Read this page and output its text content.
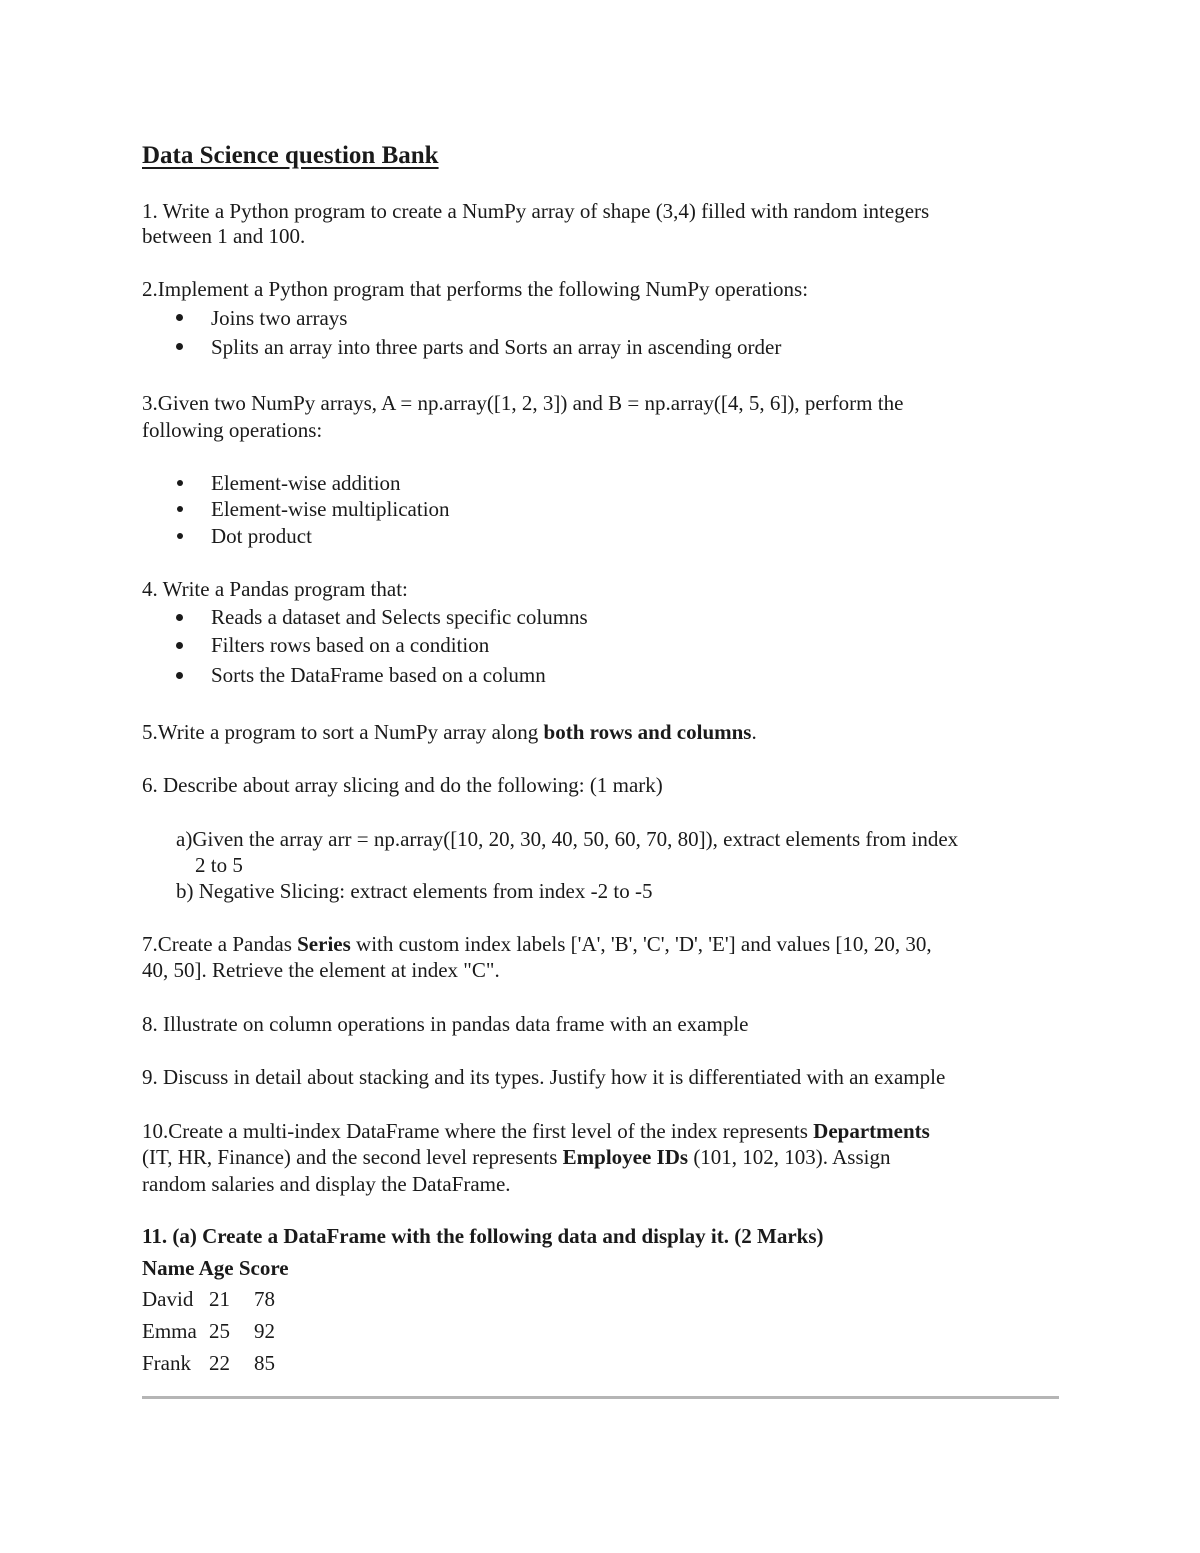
Data Science question Bank
1. Write a Python program to create a NumPy array of shape (3,4) filled with random integers
between 1 and 100.
2.Implement a Python program that performs the following NumPy operations:
Joins two arrays
Splits an array into three parts and Sorts an array in ascending order
3.Given two NumPy arrays, A = np.array([1, 2, 3]) and B = np.array([4, 5, 6]), perform the
following operations:
Element-wise addition
Element-wise multiplication
Dot product
4. Write a Pandas program that:
Reads a dataset and Selects specific columns
Filters rows based on a condition
Sorts the DataFrame based on a column
5.Write a program to sort a NumPy array along both rows and columns.
6. Describe about array slicing and do the following: (1 mark)
a)Given the array arr = np.array([10, 20, 30, 40, 50, 60, 70, 80]), extract elements from index
2 to 5
b) Negative Slicing: extract elements from index -2 to -5
7.Create a Pandas Series with custom index labels ['A', 'B', 'C', 'D', 'E'] and values [10, 20, 30,
40, 50]. Retrieve the element at index "C".
8. Illustrate on column operations in pandas data frame with an example
9. Discuss in detail about stacking and its types. Justify how it is differentiated with an example
10.Create a multi-index DataFrame where the first level of the index represents Departments
(IT, HR, Finance) and the second level represents Employee IDs (101, 102, 103). Assign
random salaries and display the DataFrame.
11. (a) Create a DataFrame with the following data and display it. (2 Marks)
Name Age Score
David 21 78
Emma 25 92
Frank 22 85
